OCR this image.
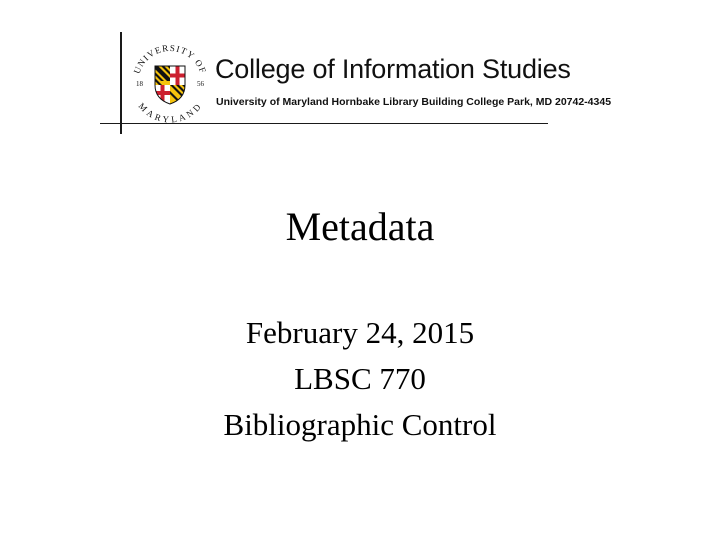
UNIVERSITY OF
MARYLAND
18	56 College of Information Studies
University of Maryland Hornbake Library Building College Park, MD 20742-4345
Metadata
February 24, 2015
LBSC 770
Bibliographic Control
